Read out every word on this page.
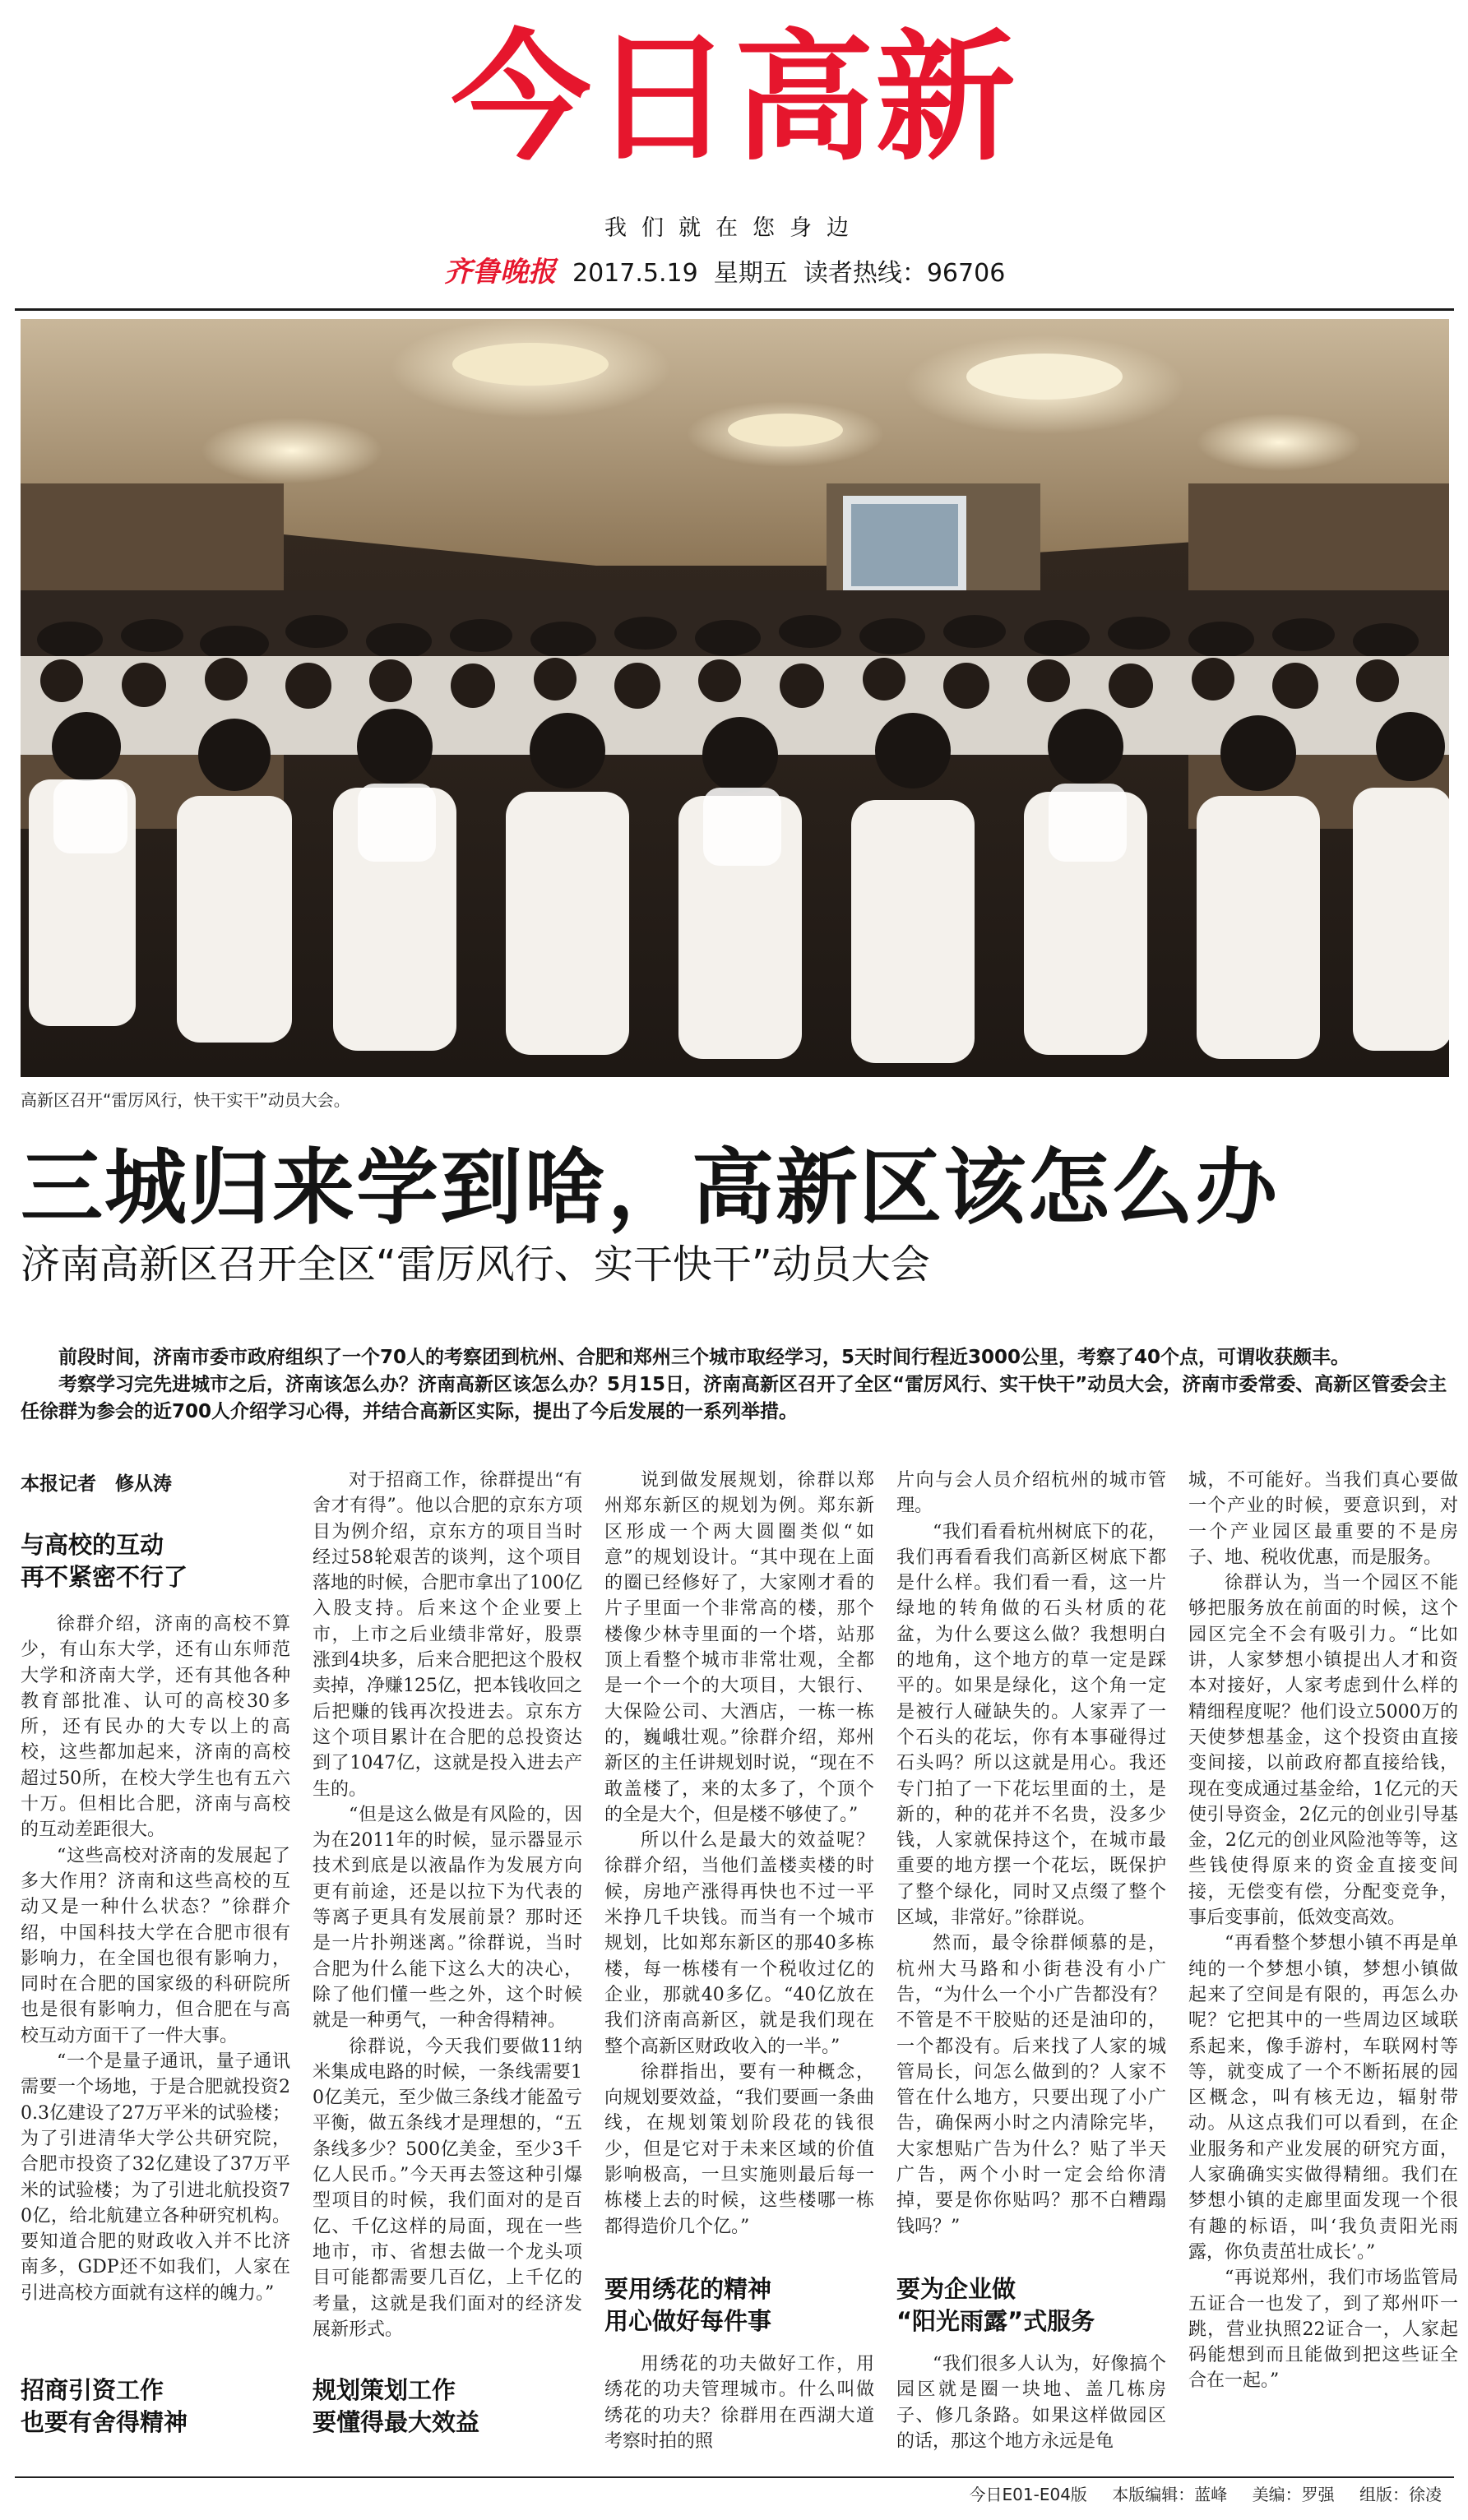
今日高新
我们就在您身边
齐鲁晚报 2017.5.19 星期五 读者热线：96706
高新区召开“雷厉风行，快干实干”动员大会。
三城归来学到啥，高新区该怎么办
济南高新区召开全区“雷厉风行、实干快干”动员大会

前段时间，济南市委市政府组织了一个70人的考察团到杭州、合肥和郑州三个城市取经学习，5天时间行程近3000公里，考察了40个点，可谓收获颇丰。

考察学习完先进城市之后，济南该怎么办？济南高新区该怎么办？5月15日，济南高新区召开了全区“雷厉风行、实干快干”动员大会，济南市委常委、高新区管委会主任徐群为参会的近700人介绍学习心得，并结合高新区实际，提出了今后发展的一系列举措。

本报记者　修从涛
与高校的互动
再不紧密不行了

徐群介绍，济南的高校不算少，有山东大学，还有山东师范大学和济南大学，还有其他各种教育部批准、认可的高校30多所，还有民办的大专以上的高校，这些都加起来，济南的高校超过50所，在校大学生也有五六十万。但相比合肥，济南与高校的互动差距很大。

“这些高校对济南的发展起了多大作用？济南和这些高校的互动又是一种什么状态？”徐群介绍，中国科技大学在合肥市很有影响力，在全国也很有影响力，同时在合肥的国家级的科研院所也是很有影响力，但合肥在与高校互动方面干了一件大事。

“一个是量子通讯，量子通讯需要一个场地，于是合肥就投资20.3亿建设了27万平米的试验楼；为了引进清华大学公共研究院，合肥市投资了32亿建设了37万平米的试验楼；为了引进北航投资70亿，给北航建立各种研究机构。要知道合肥的财政收入并不比济南多，GDP还不如我们，人家在引进高校方面就有这样的魄力。”

招商引资工作
也要有舍得精神

对于招商工作，徐群提出“有舍才有得”。他以合肥的京东方项目为例介绍，京东方的项目当时经过58轮艰苦的谈判，这个项目落地的时候，合肥市拿出了100亿入股支持。后来这个企业要上市，上市之后业绩非常好，股票涨到4块多，后来合肥把这个股权卖掉，净赚125亿，把本钱收回之后把赚的钱再次投进去。京东方这个项目累计在合肥的总投资达到了1047亿，这就是投入进去产生的。

“但是这么做是有风险的，因为在2011年的时候，显示器显示技术到底是以液晶作为发展方向更有前途，还是以拉下为代表的等离子更具有发展前景？那时还是一片扑朔迷离。”徐群说，当时合肥为什么能下这么大的决心，除了他们懂一些之外，这个时候就是一种勇气，一种舍得精神。

徐群说，今天我们要做11纳米集成电路的时候，一条线需要10亿美元，至少做三条线才能盈亏平衡，做五条线才是理想的，“五条线多少？500亿美金，至少3千亿人民币。”今天再去签这种引爆型项目的时候，我们面对的是百亿、千亿这样的局面，现在一些地市，市、省想去做一个龙头项目可能都需要几百亿，上千亿的考量，这就是我们面对的经济发展新形式。

规划策划工作
要懂得最大效益

说到做发展规划，徐群以郑州郑东新区的规划为例。郑东新区形成一个两大圆圈类似“如意”的规划设计。“其中现在上面的圈已经修好了，大家刚才看的片子里面一个非常高的楼，那个楼像少林寺里面的一个塔，站那顶上看整个城市非常壮观，全都是一个一个的大项目，大银行、大保险公司、大酒店，一栋一栋的，巍峨壮观。”徐群介绍，郑州新区的主任讲规划时说，“现在不敢盖楼了，来的太多了，个顶个的全是大个，但是楼不够使了。”

所以什么是最大的效益呢？徐群介绍，当他们盖楼卖楼的时候，房地产涨得再快也不过一平米挣几千块钱。而当有一个城市规划，比如郑东新区的那40多栋楼，每一栋楼有一个税收过亿的企业，那就40多亿。“40亿放在我们济南高新区，就是我们现在整个高新区财政收入的一半。”

徐群指出，要有一种概念，向规划要效益，“我们要画一条曲线，在规划策划阶段花的钱很少，但是它对于未来区域的价值影响极高，一旦实施则最后每一栋楼上去的时候，这些楼哪一栋都得造价几个亿。”

要用绣花的精神
用心做好每件事

用绣花的功夫做好工作，用绣花的功夫管理城市。什么叫做绣花的功夫？徐群用在西湖大道考察时拍的照

片向与会人员介绍杭州的城市管理。

“我们看看杭州树底下的花，我们再看看我们高新区树底下都是什么样。我们看一看，这一片绿地的转角做的石头材质的花盆，为什么要这么做？我想明白的地角，这个地方的草一定是踩平的。如果是绿化，这个角一定是被行人碰缺失的。人家弄了一个石头的花坛，你有本事碰得过石头吗？所以这就是用心。我还专门拍了一下花坛里面的土，是新的，种的花并不名贵，没多少钱，人家就保持这个，在城市最重要的地方摆一个花坛，既保护了整个绿化，同时又点缀了整个区域，非常好。”徐群说。

然而，最令徐群倾慕的是，杭州大马路和小街巷没有小广告，“为什么一个小广告都没有？不管是不干胶贴的还是油印的，一个都没有。后来找了人家的城管局长，问怎么做到的？人家不管在什么地方，只要出现了小广告，确保两小时之内清除完毕，大家想贴广告为什么？贴了半天广告，两个小时一定会给你清掉，要是你你贴吗？那不白糟蹋钱吗？”

要为企业做
“阳光雨露”式服务

“我们很多人认为，好像搞个园区就是圈一块地、盖几栋房子、修几条路。如果这样做园区的话，那这个地方永远是龟

城，不可能好。当我们真心要做一个产业的时候，要意识到，对一个产业园区最重要的不是房子、地、税收优惠，而是服务。

徐群认为，当一个园区不能够把服务放在前面的时候，这个园区完全不会有吸引力。“比如讲，人家梦想小镇提出人才和资本对接好，人家考虑到什么样的精细程度呢？他们设立5000万的天使梦想基金，这个投资由直接变间接，以前政府都直接给钱，现在变成通过基金给，1亿元的天使引导资金，2亿元的创业引导基金，2亿元的创业风险池等等，这些钱使得原来的资金直接变间接，无偿变有偿，分配变竞争，事后变事前，低效变高效。

“再看整个梦想小镇不再是单纯的一个梦想小镇，梦想小镇做起来了空间是有限的，再怎么办呢？它把其中的一些周边区域联系起来，像手游村，车联网村等等，就变成了一个不断拓展的园区概念，叫有核无边，辐射带动。从这点我们可以看到，在企业服务和产业发展的研究方面，人家确确实实做得精细。我们在梦想小镇的走廊里面发现一个很有趣的标语，叫‘我负责阳光雨露，你负责茁壮成长’。”

“再说郑州，我们市场监管局五证合一也发了，到了郑州吓一跳，营业执照22证合一，人家起码能想到而且能做到把这些证全合在一起。”

今日E01-E04版 本版编辑：蓝峰 美编：罗强 组版：徐凌
